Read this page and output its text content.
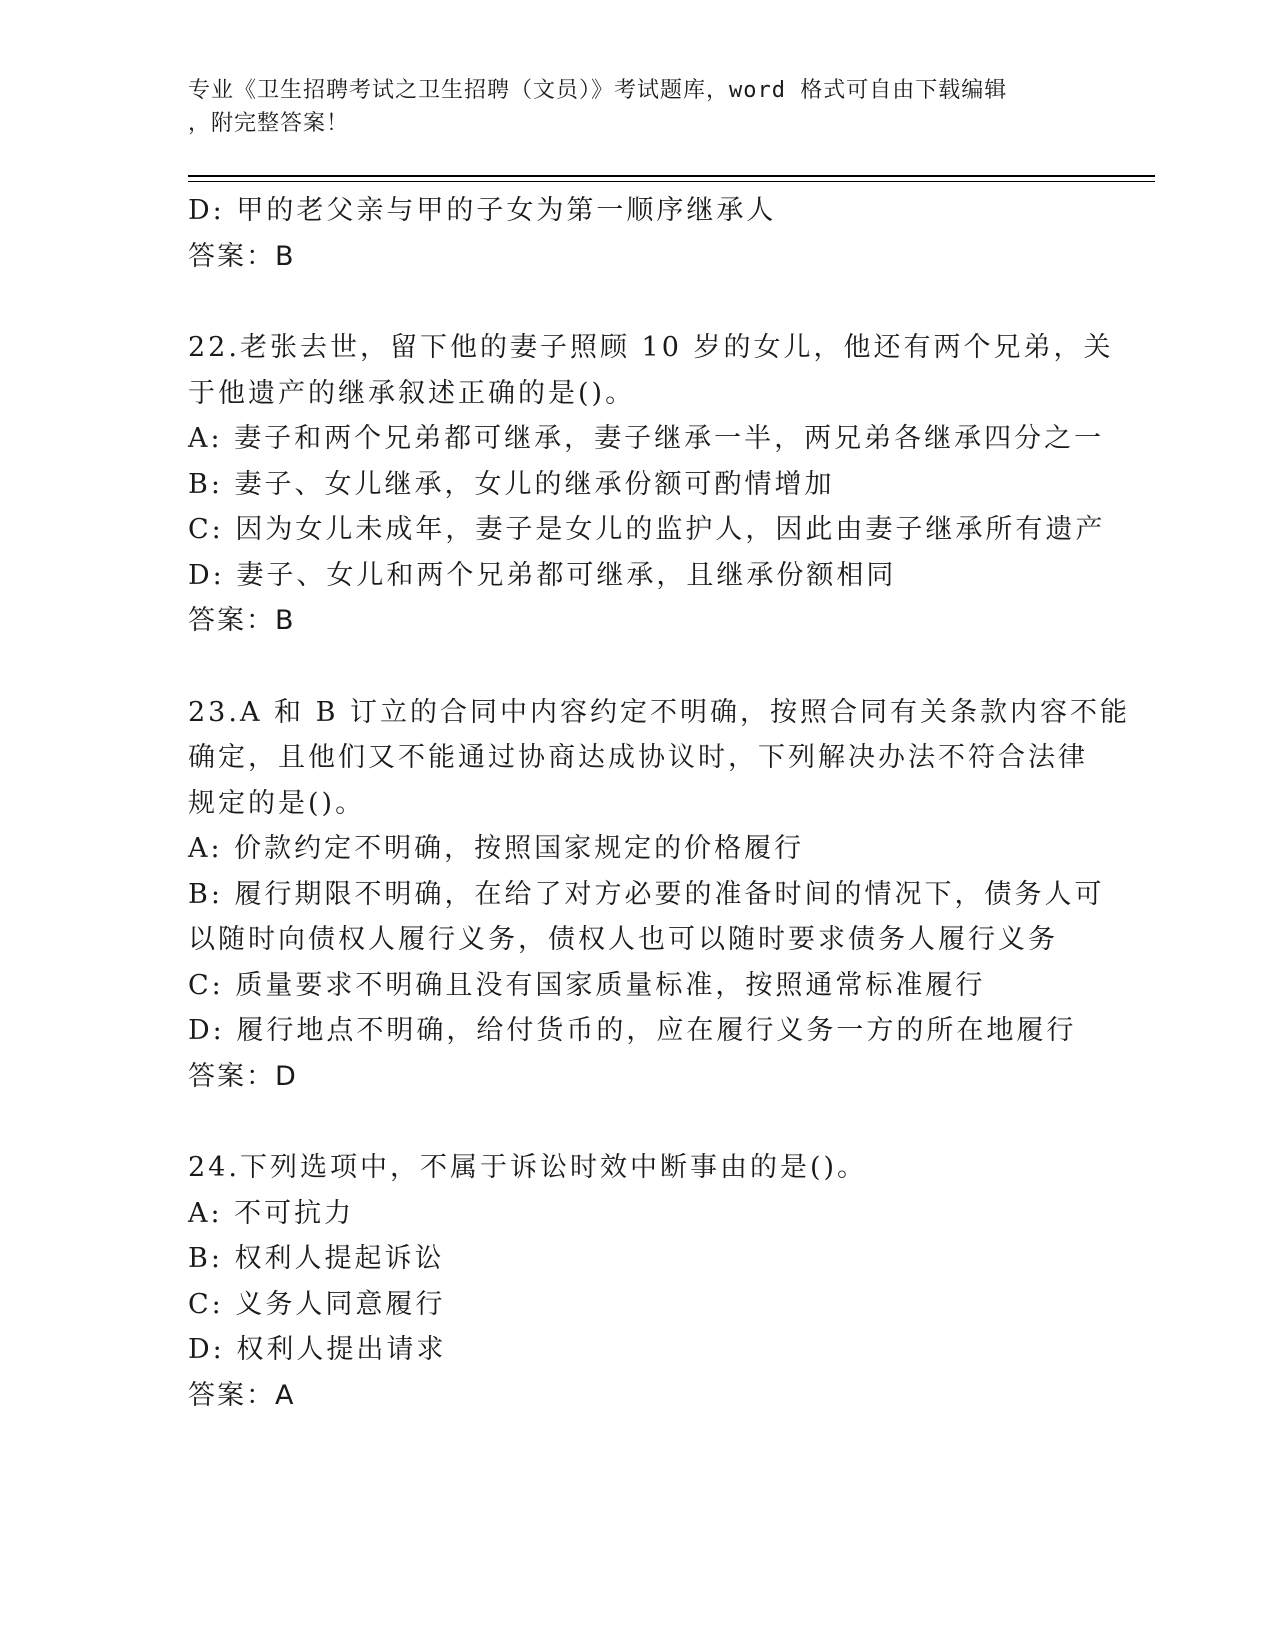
专业《卫生招聘考试之卫生招聘（文员）》考试题库，word 格式可自由下载编辑
，附完整答案！
D: 甲的老父亲与甲的子女为第一顺序继承人
答案：B
22.老张去世，留下他的妻子照顾 10 岁的女儿，他还有两个兄弟，关
于他遗产的继承叙述正确的是()。
A: 妻子和两个兄弟都可继承，妻子继承一半，两兄弟各继承四分之一
B: 妻子、女儿继承，女儿的继承份额可酌情增加
C: 因为女儿未成年，妻子是女儿的监护人，因此由妻子继承所有遗产
D: 妻子、女儿和两个兄弟都可继承，且继承份额相同
答案：B
23.A 和 B 订立的合同中内容约定不明确，按照合同有关条款内容不能
确定，且他们又不能通过协商达成协议时，下列解决办法不符合法律
规定的是()。
A: 价款约定不明确，按照国家规定的价格履行
B: 履行期限不明确，在给了对方必要的准备时间的情况下，债务人可
以随时向债权人履行义务，债权人也可以随时要求债务人履行义务
C: 质量要求不明确且没有国家质量标准，按照通常标准履行
D: 履行地点不明确，给付货币的，应在履行义务一方的所在地履行
答案：D
24.下列选项中，不属于诉讼时效中断事由的是()。
A: 不可抗力
B: 权利人提起诉讼
C: 义务人同意履行
D: 权利人提出请求
答案：A
